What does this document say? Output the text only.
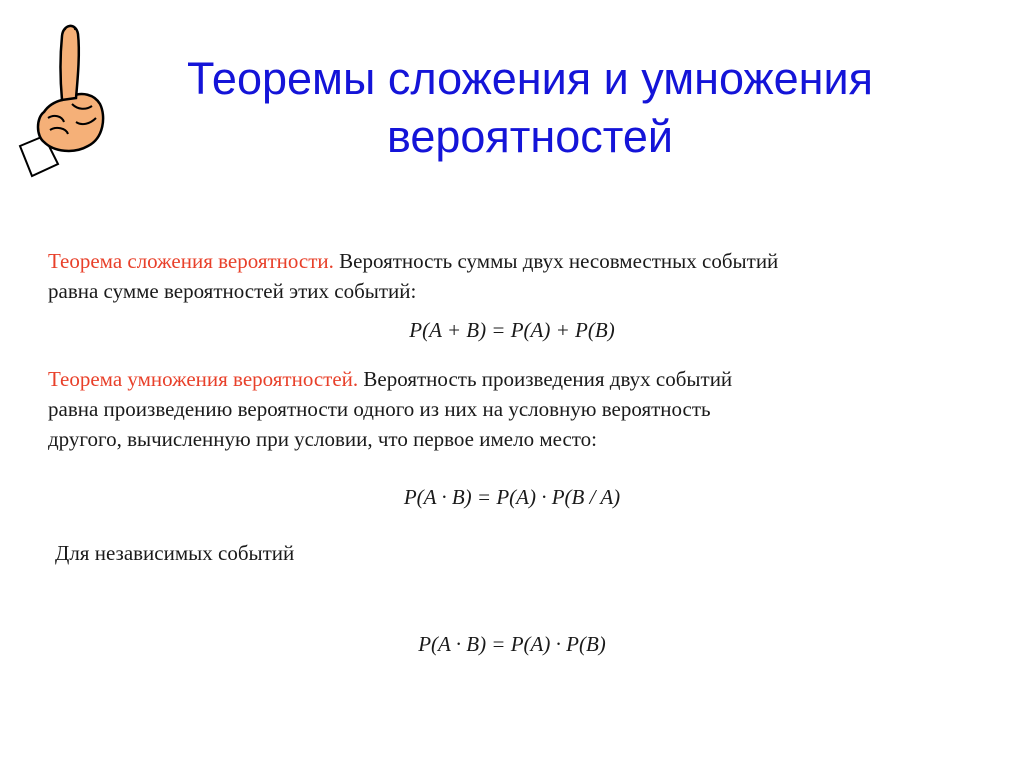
Теоремы сложения и умножения
вероятностей
Теорема сложения вероятности. Вероятность суммы двух несовместных событий
равна сумме вероятностей этих событий:
P(A + B) = P(A) + P(B)
Теорема умножения вероятностей. Вероятность произведения двух событий
равна произведению вероятности одного из них на условную вероятность
другого, вычисленную при условии, что первое имело место:
P(A · B) = P(A) · P(B / A)
Для независимых событий
P(A · B) = P(A) · P(B)
